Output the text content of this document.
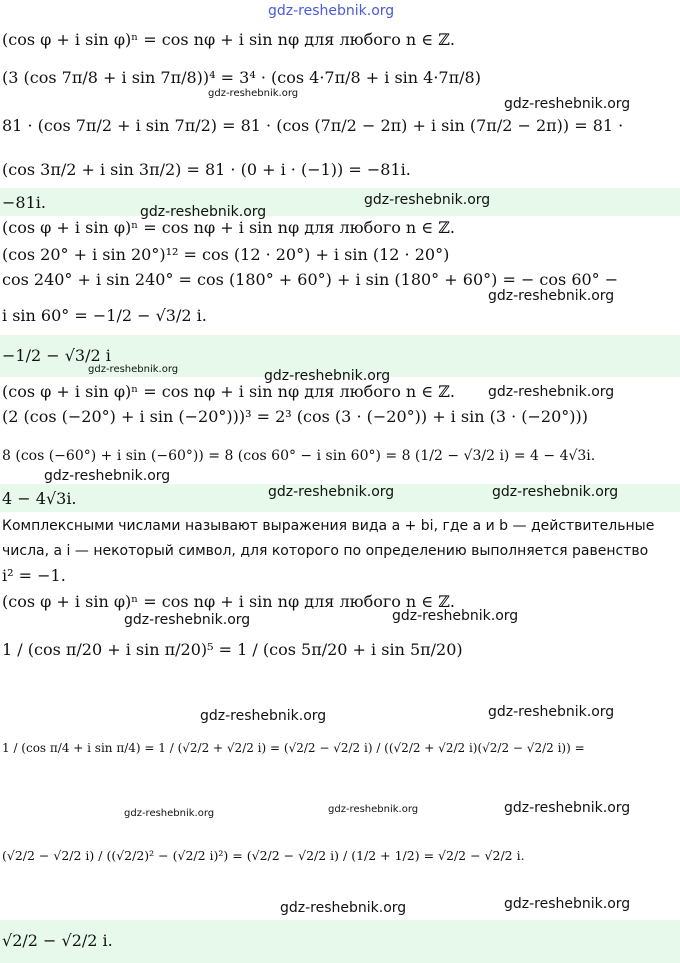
gdz-reshebnik.org
(cos φ + i sin φ)ⁿ = cos nφ + i sin nφ для любого n ∈ ℤ.
(3 (cos 7π/8 + i sin 7π/8))⁴ = 3⁴ · (cos 4·7π/8 + i sin 4·7π/8)
81 · (cos 7π/2 + i sin 7π/2) = 81 · (cos (7π/2 − 2π) + i sin (7π/2 − 2π)) = 81 ·
(cos 3π/2 + i sin 3π/2) = 81 · (0 + i · (−1)) = −81i.
−81i.
(cos φ + i sin φ)ⁿ = cos nφ + i sin nφ для любого n ∈ ℤ.
(cos 20° + i sin 20°)¹² = cos (12 · 20°) + i sin (12 · 20°)
cos 240° + i sin 240° = cos (180° + 60°) + i sin (180° + 60°) = − cos 60° −
i sin 60° = −1/2 − √3/2 i.
−1/2 − √3/2 i
(cos φ + i sin φ)ⁿ = cos nφ + i sin nφ для любого n ∈ ℤ.
(2 (cos (−20°) + i sin (−20°)))³ = 2³ (cos (3 · (−20°)) + i sin (3 · (−20°)))
8 (cos (−60°) + i sin (−60°)) = 8 (cos 60° − i sin 60°) = 8 (1/2 − √3/2 i) = 4 − 4√3i.
4 − 4√3i.
Комплексными числами называют выражения вида a + bi, где a и b — действительные
числа, а i — некоторый символ, для которого по определению выполняется равенство
i² = −1.
(cos φ + i sin φ)ⁿ = cos nφ + i sin nφ для любого n ∈ ℤ.
1 / (cos π/20 + i sin π/20)⁵ = 1 / (cos 5π/20 + i sin 5π/20)
1 / (cos π/4 + i sin π/4) = 1 / (√2/2 + √2/2 i) = (√2/2 − √2/2 i) / ((√2/2 + √2/2 i)(√2/2 − √2/2 i)) =
(√2/2 − √2/2 i) / ((√2/2)² − (√2/2 i)²) = (√2/2 − √2/2 i) / (1/2 + 1/2) = √2/2 − √2/2 i.
√2/2 − √2/2 i.
gdz-reshebnik.org
gdz-reshebnik.org
gdz-reshebnik.org
gdz-reshebnik.org
gdz-reshebnik.org
gdz-reshebnik.org	gdz-reshebnik.org
gdz-reshebnik.org
gdz-reshebnik.org
gdz-reshebnik.org	gdz-reshebnik.org
gdz-reshebnik.org	gdz-reshebnik.org
gdz-reshebnik.org	gdz-reshebnik.org
gdz-reshebnik.org	gdz-reshebnik.org	gdz-reshebnik.org
gdz-reshebnik.org	gdz-reshebnik.org
